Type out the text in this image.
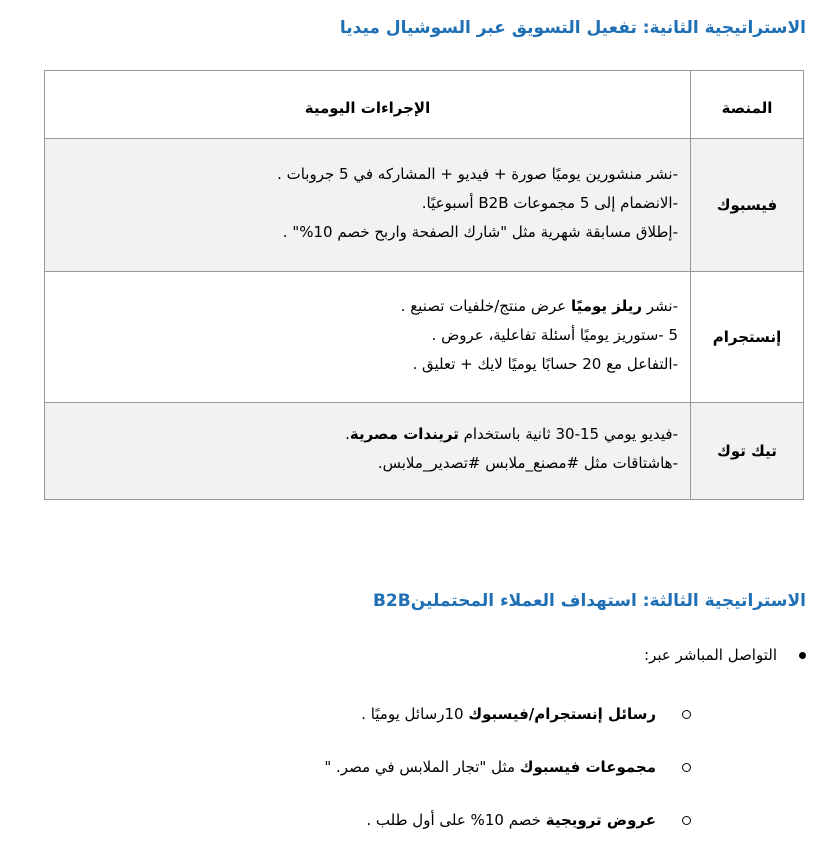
الاستراتيجية الثانية: تفعيل التسويق عبر السوشيال ميديا
المنصة	الإجراءات اليومية
فيسبوك	-نشر منشورين يوميًا صورة + فيديو + المشاركه في 5 جروبات .
-الانضمام إلى 5 مجموعات B2B أسبوعيًا.
-إطلاق مسابقة شهرية مثل "شارك الصفحة واربح خصم 10%" .

إنستجرام	-نشر ريلز يوميًا عرض منتج/خلفيات تصنيع .
5 -ستوريز يوميًا أسئلة تفاعلية، عروض .
-التفاعل مع 20 حسابًا يوميًا لايك + تعليق .

تيك توك	-فيديو يومي 15-30 ثانية باستخدام تريندات مصرية.
-هاشتاقات مثل #مصنع_ملابس #تصدير_ملابس.
الاستراتيجية الثالثة: استهداف العملاء المحتملينB2B
التواصل المباشر عبر:
رسائل إنستجرام/فيسبوك 10رسائل يوميًا .
مجموعات فيسبوك مثل "تجار الملابس في مصر. "
عروض ترويجية خصم 10% على أول طلب .
